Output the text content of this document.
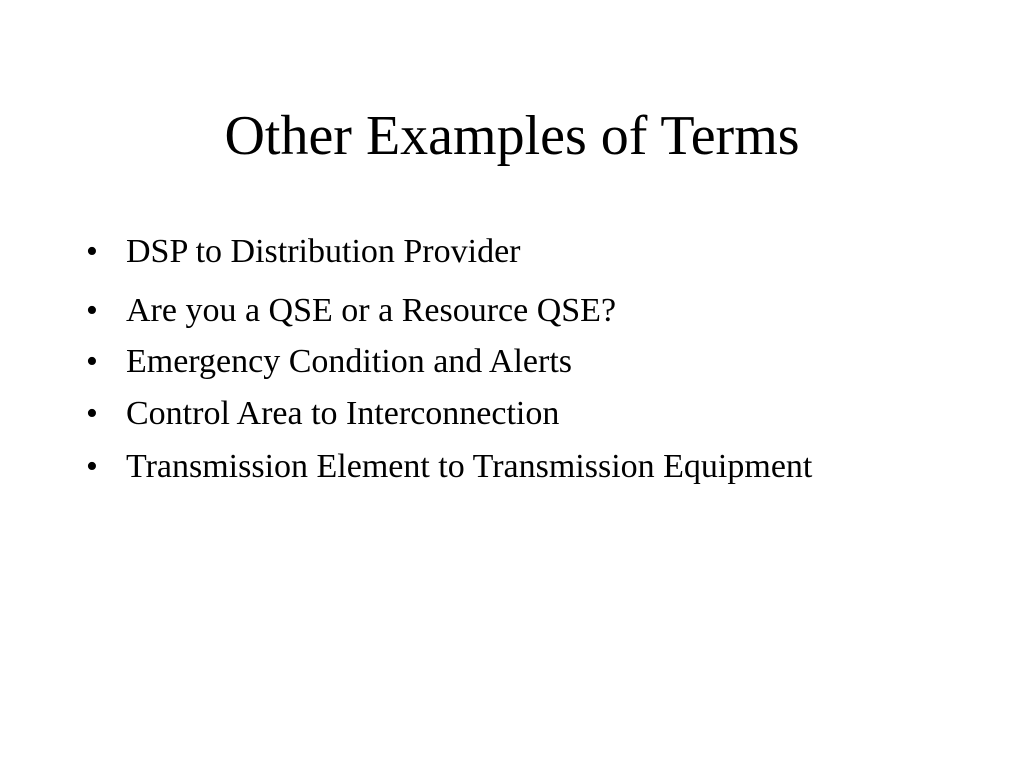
Other Examples of Terms
• DSP to Distribution Provider
• Are you a QSE or a Resource QSE?
• Emergency Condition and Alerts
• Control Area to Interconnection
• Transmission Element to Transmission Equipment
